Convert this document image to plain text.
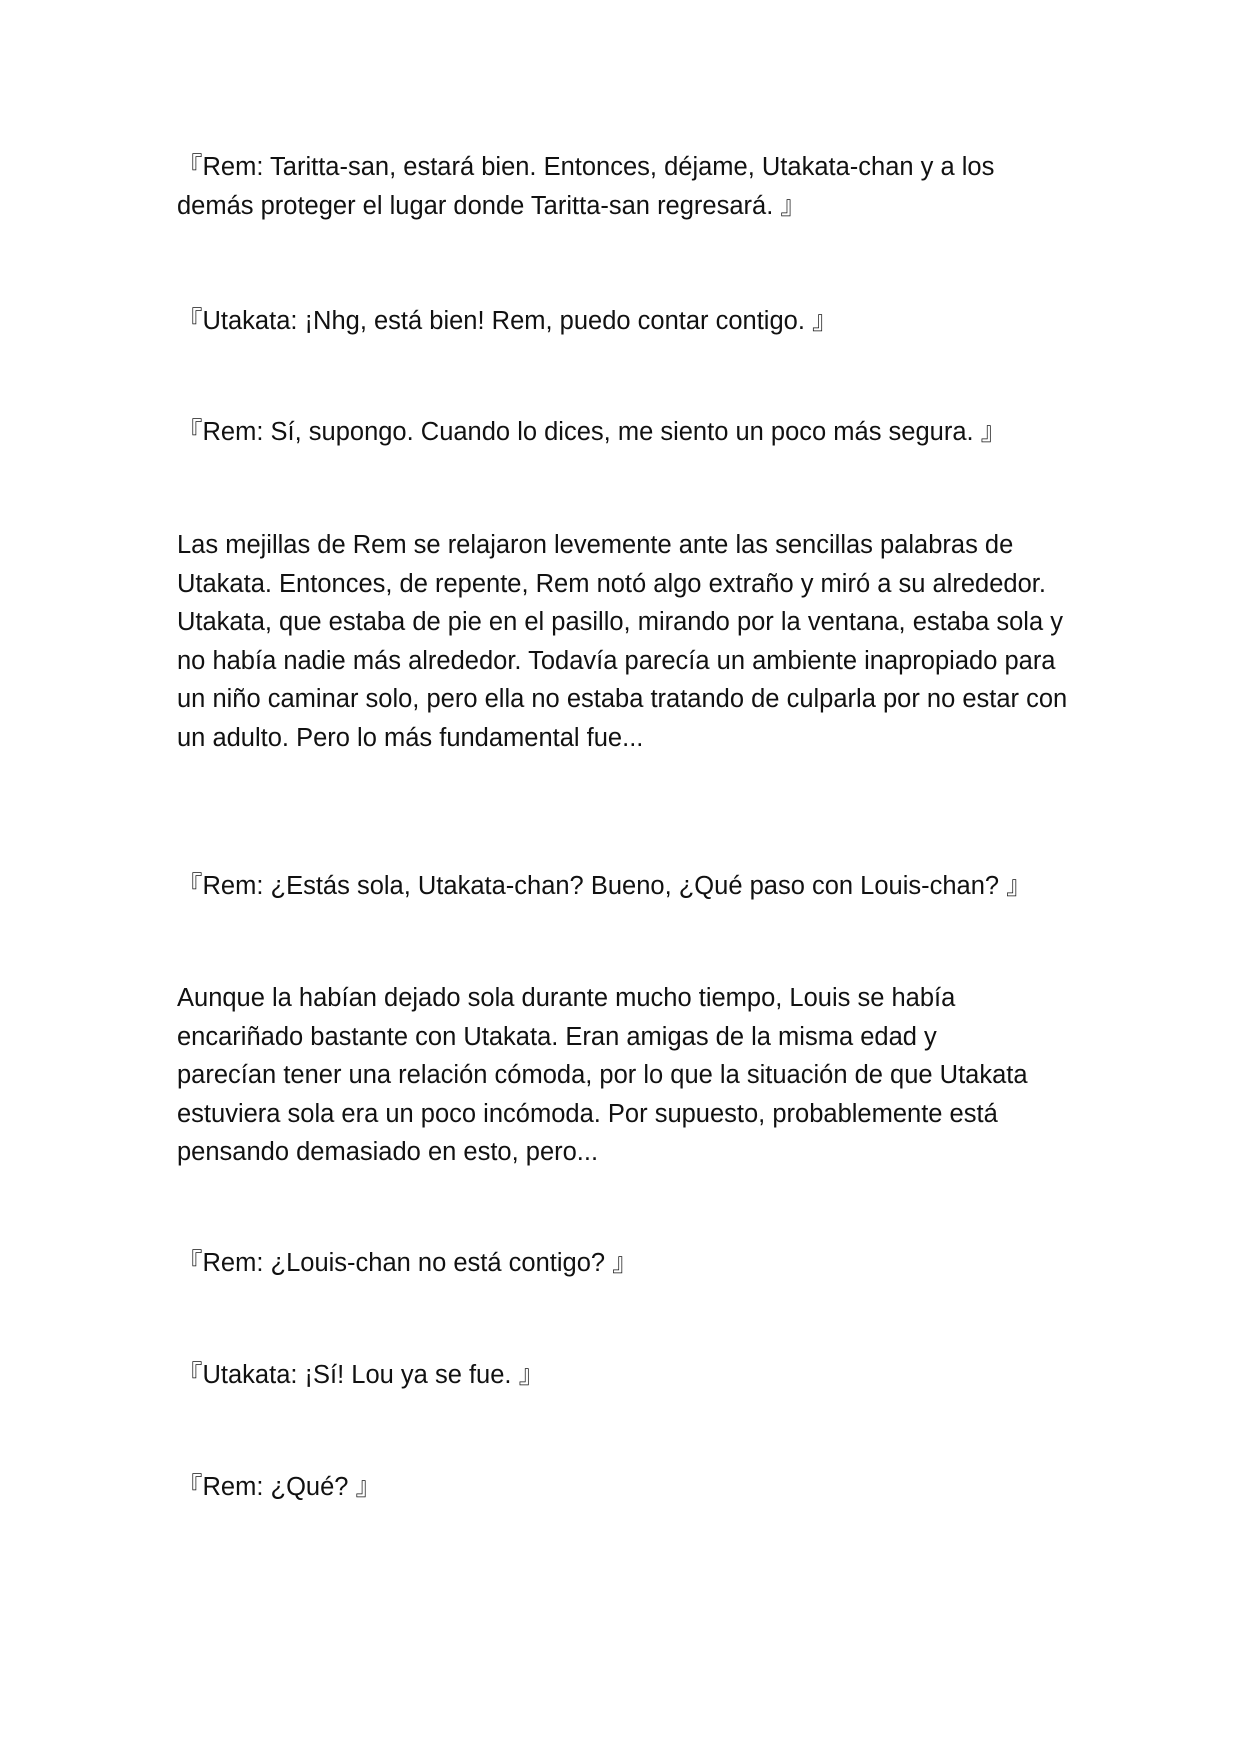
『Rem: Taritta-san, estará bien. Entonces, déjame, Utakata-chan y a los demás proteger el lugar donde Taritta-san regresará. 』

『Utakata: ¡Nhg, está bien! Rem, puedo contar contigo. 』

『Rem: Sí, supongo. Cuando lo dices, me siento un poco más segura. 』

Las mejillas de Rem se relajaron levemente ante las sencillas palabras de Utakata. Entonces, de repente, Rem notó algo extraño y miró a su alrededor. Utakata, que estaba de pie en el pasillo, mirando por la ventana, estaba sola y no había nadie más alrededor. Todavía parecía un ambiente inapropiado para un niño caminar solo, pero ella no estaba tratando de culparla por no estar con un adulto. Pero lo más fundamental fue...

『Rem: ¿Estás sola, Utakata-chan? Bueno, ¿Qué paso con Louis-chan? 』

Aunque la habían dejado sola durante mucho tiempo, Louis se había encariñado bastante con Utakata. Eran amigas de la misma edad y parecían tener una relación cómoda, por lo que la situación de que Utakata estuviera sola era un poco incómoda. Por supuesto, probablemente está pensando demasiado en esto, pero...

『Rem: ¿Louis-chan no está contigo? 』

『Utakata: ¡Sí! Lou ya se fue. 』

『Rem: ¿Qué? 』
